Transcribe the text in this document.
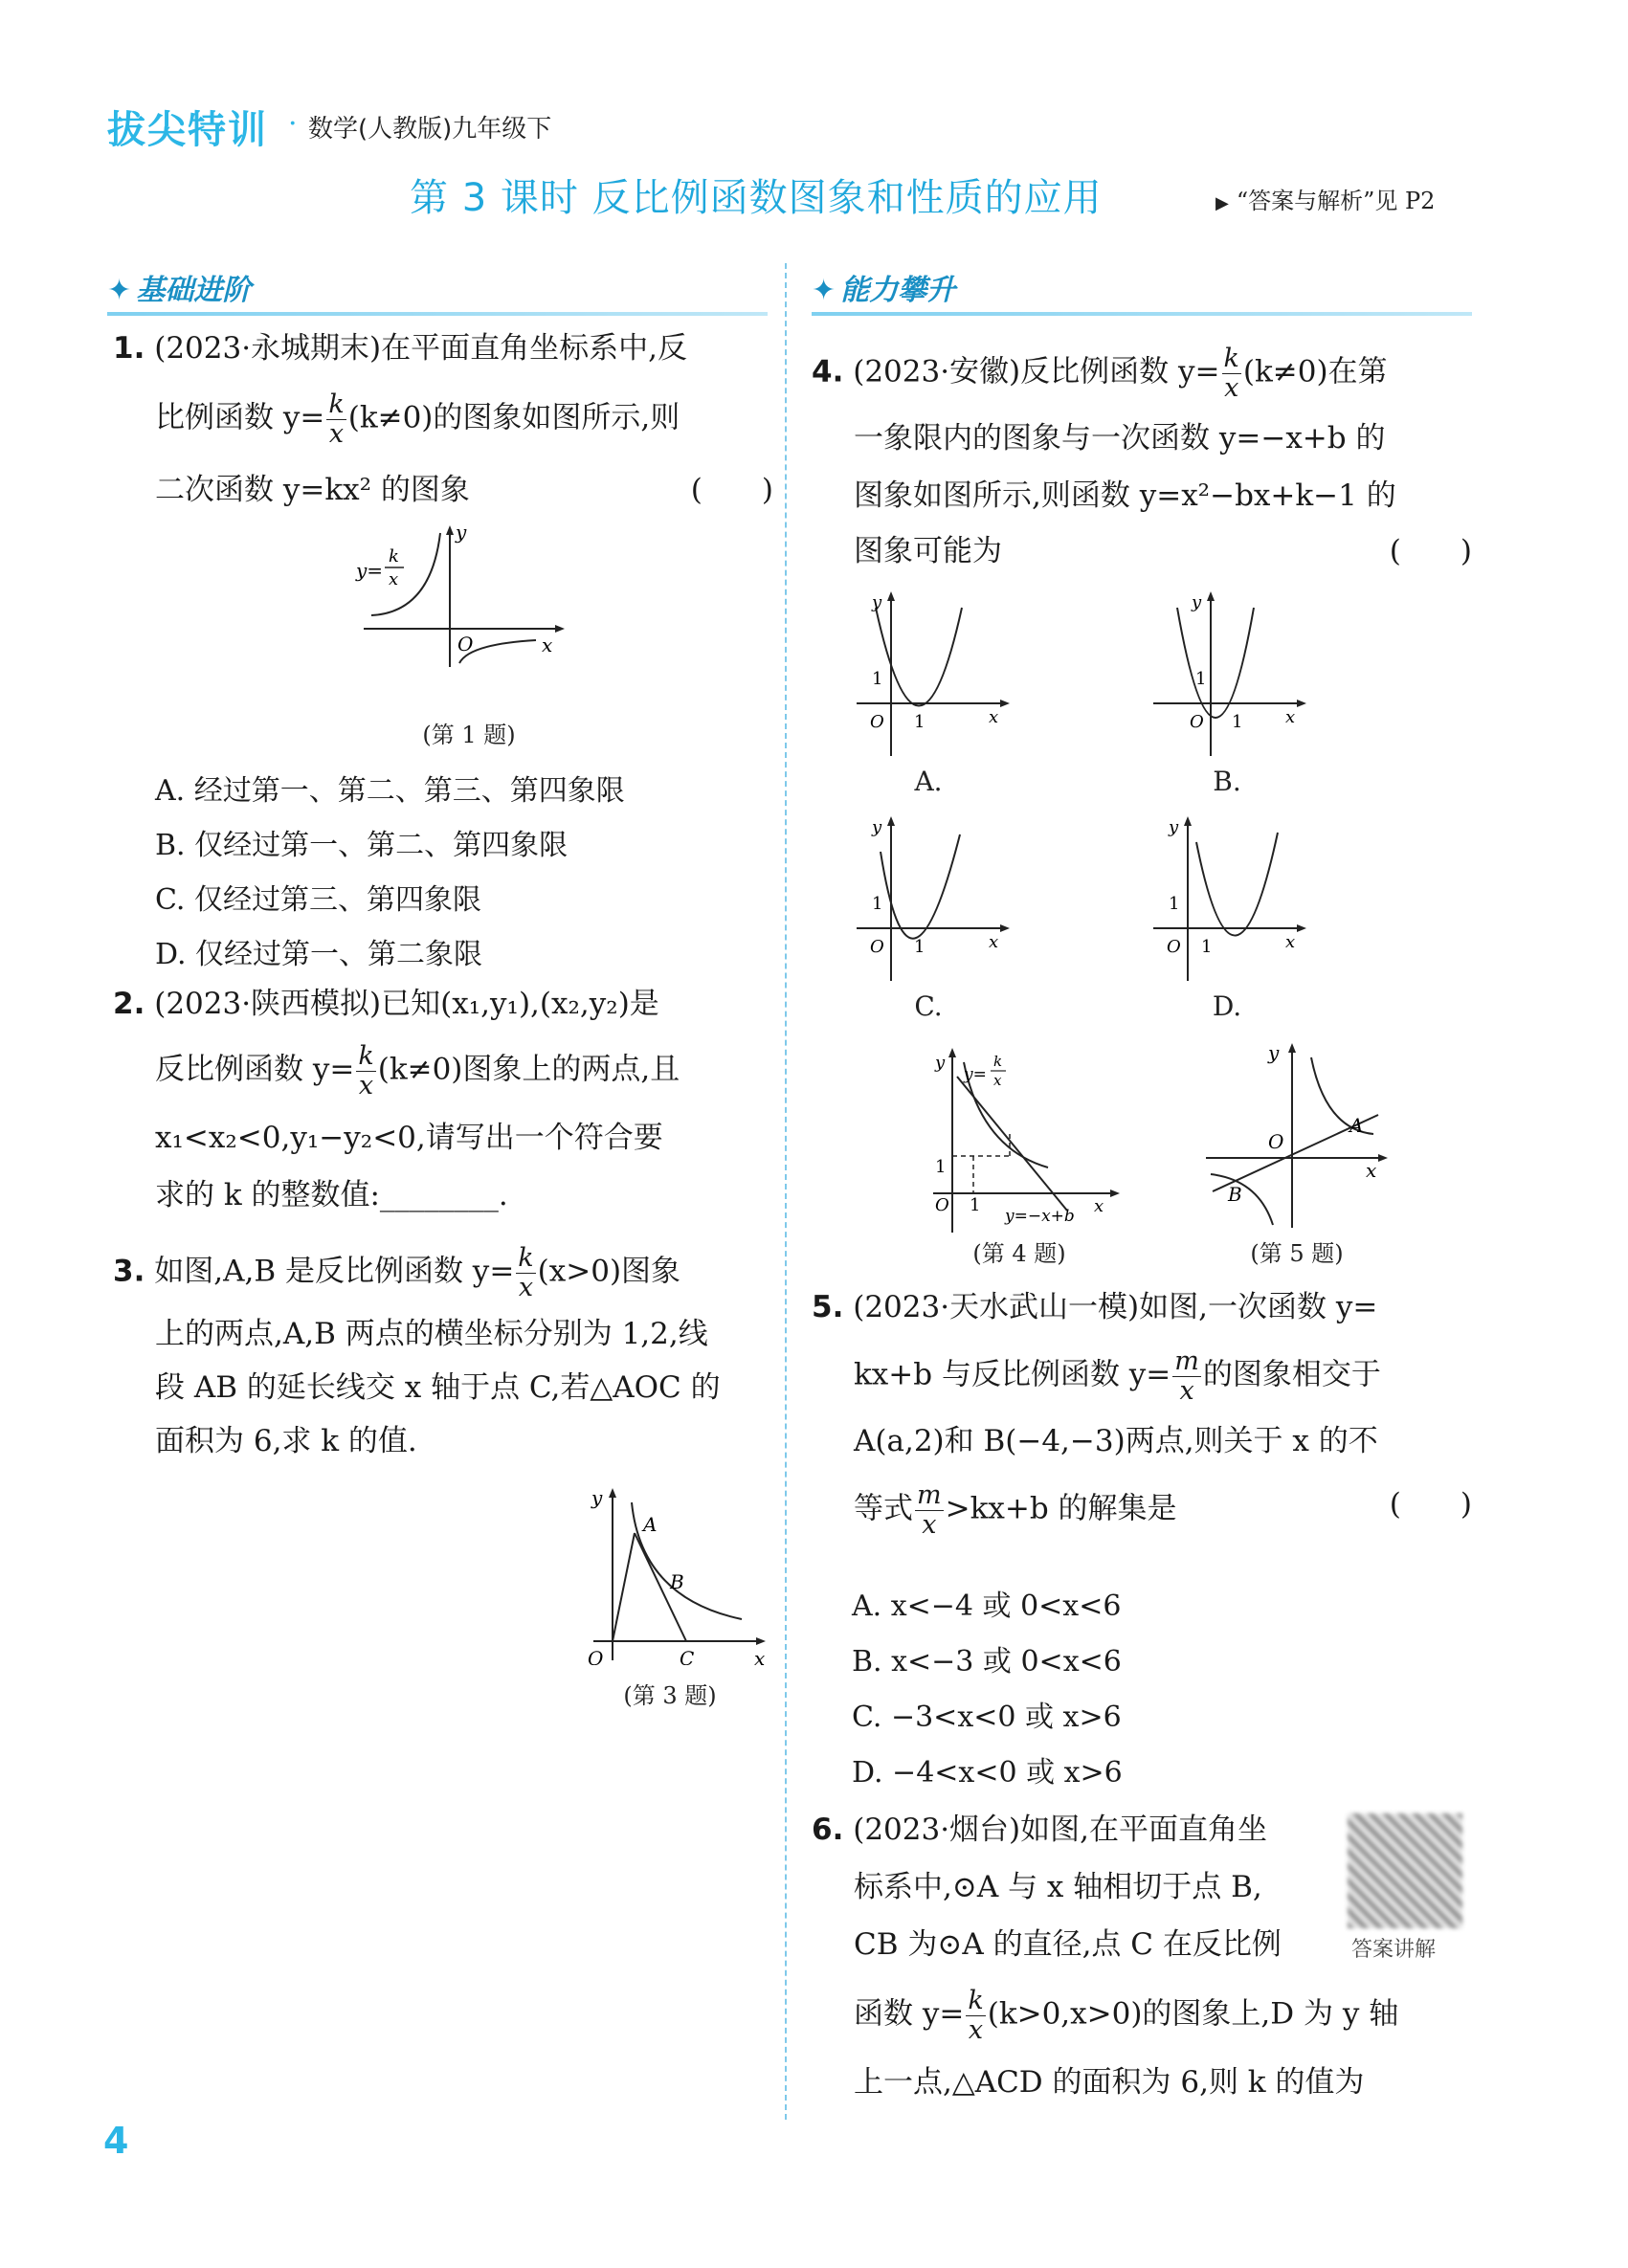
拔尖特训 · 数学(人教版)九年级下
第 3 课时 反比例函数图象和性质的应用	▶ “答案与解析”见 P2
✦ 基础进阶	✦ 能力攀升
1. (2023·永城期末)在平面直角坐标系中,反
比例函数 $y= \frac{k}{x} (k\ne 0)$的图象如图所示,则
二次函数 y=kx² 的图象	(　　)
y
x
O
y=
k
x
(第 1 题)
A. 经过第一、第二、第三、第四象限
B. 仅经过第一、第二、第四象限
C. 仅经过第三、第四象限
D. 仅经过第一、第二象限
2. (2023·陕西模拟)已知(x₁,y₁),(x₂,y₂)是
反比例函数 $y= \frac{k}{x} (k\ne 0)$图象上的两点,且
x₁<x₂<0,y₁−y₂<0,请写出一个符合要
求的 k 的整数值:________.
3. 如图,A,B 是反比例函数 $y= \frac{k}{x} (x>0)$图象
上的两点,A,B 两点的横坐标分别为 1,2,线
段 AB 的延长线交 x 轴于点 C,若△AOC 的
面积为 6,求 k 的值.
y
x
O
A
B
C
(第 3 题)
4. (2023·安徽)反比例函数 $y= \frac{k}{x} (k\ne 0)$在第
一象限内的图象与一次函数 y=−x+b 的
图象如图所示,则函数 y=x²−bx+k−1 的
图象可能为	(　　)
y
x
O
1
1
A.
y
x
O
1
1
B.
y
x
O
1
1
C.
y
x
O
1
1
D.
y
y=
k
x
1
O 1
y=−x+b x
(第 4 题)
y
O
x
A
B
(第 5 题)
5. (2023·天水武山一模)如图,一次函数 y=
kx+b 与反比例函数 $y= \frac{m}{x}$ 的图象相交于
A(a,2)和 B(−4,−3)两点,则关于 x 的不
等式 $\frac{m}{x} >kx+b$ 的解集是	(　　)
A. x<−4 或 0<x<6
B. x<−3 或 0<x<6
C. −3<x<0 或 x>6
D. −4<x<0 或 x>6
6. (2023·烟台)如图,在平面直角坐
标系中,⊙A 与 x 轴相切于点 B,
CB 为⊙A 的直径,点 C 在反比例
函数 $y= \frac{k}{x} (k>0,x>0)$的图象上,D 为 y 轴
上一点,△ACD 的面积为 6,则 k 的值为
答案讲解
4
